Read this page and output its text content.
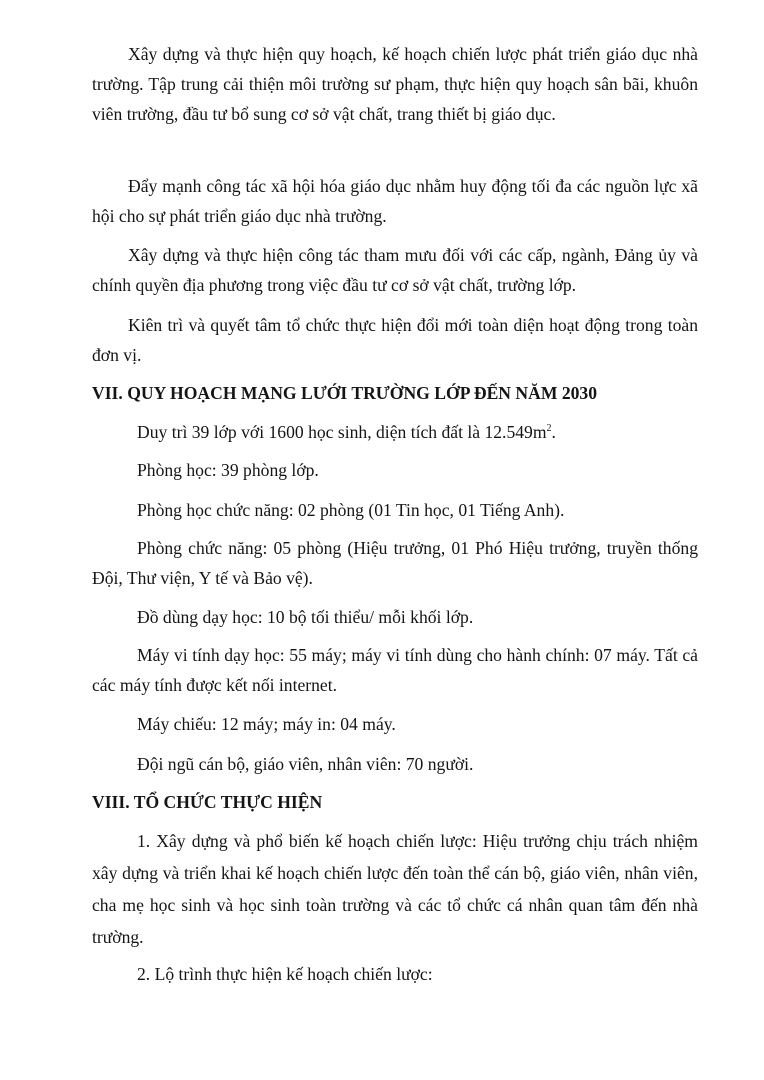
Xây dựng và thực hiện quy hoạch, kế hoạch chiến lược phát triển giáo dục nhà trường. Tập trung cải thiện môi trường sư phạm, thực hiện quy hoạch sân bãi, khuôn viên trường, đầu tư bổ sung cơ sở vật chất, trang thiết bị giáo dục.

Đẩy mạnh công tác xã hội hóa giáo dục nhằm huy động tối đa các nguồn lực xã hội cho sự phát triển giáo dục nhà trường.

Xây dựng và thực hiện công tác tham mưu đối với các cấp, ngành, Đảng ủy và chính quyền địa phương trong việc đầu tư cơ sở vật chất, trường lớp.

Kiên trì và quyết tâm tổ chức thực hiện đổi mới toàn diện hoạt động trong toàn đơn vị.

VII. QUY HOẠCH MẠNG LƯỚI TRƯỜNG LỚP ĐẾN NĂM 2030

Duy trì 39 lớp với 1600 học sinh, diện tích đất là $12.549m^2$.

Phòng học: 39 phòng lớp.

Phòng học chức năng: 02 phòng (01 Tin học, 01 Tiếng Anh).

Phòng chức năng: 05 phòng (Hiệu trưởng, 01 Phó Hiệu trưởng, truyền thống Đội, Thư viện, Y tế và Bảo vệ).

Đồ dùng dạy học: 10 bộ tối thiểu/ mỗi khối lớp.

Máy vi tính dạy học: 55 máy; máy vi tính dùng cho hành chính: 07 máy. Tất cả các máy tính được kết nối internet.

Máy chiếu: 12 máy; máy in: 04 máy.

Đội ngũ cán bộ, giáo viên, nhân viên: 70 người.

VIII. TỔ CHỨC THỰC HIỆN

1. Xây dựng và phổ biến kế hoạch chiến lược: Hiệu trưởng chịu trách nhiệm xây dựng và triển khai kế hoạch chiến lược đến toàn thể cán bộ, giáo viên, nhân viên, cha mẹ học sinh và học sinh toàn trường và các tổ chức cá nhân quan tâm đến nhà trường.

2. Lộ trình thực hiện kế hoạch chiến lược:
